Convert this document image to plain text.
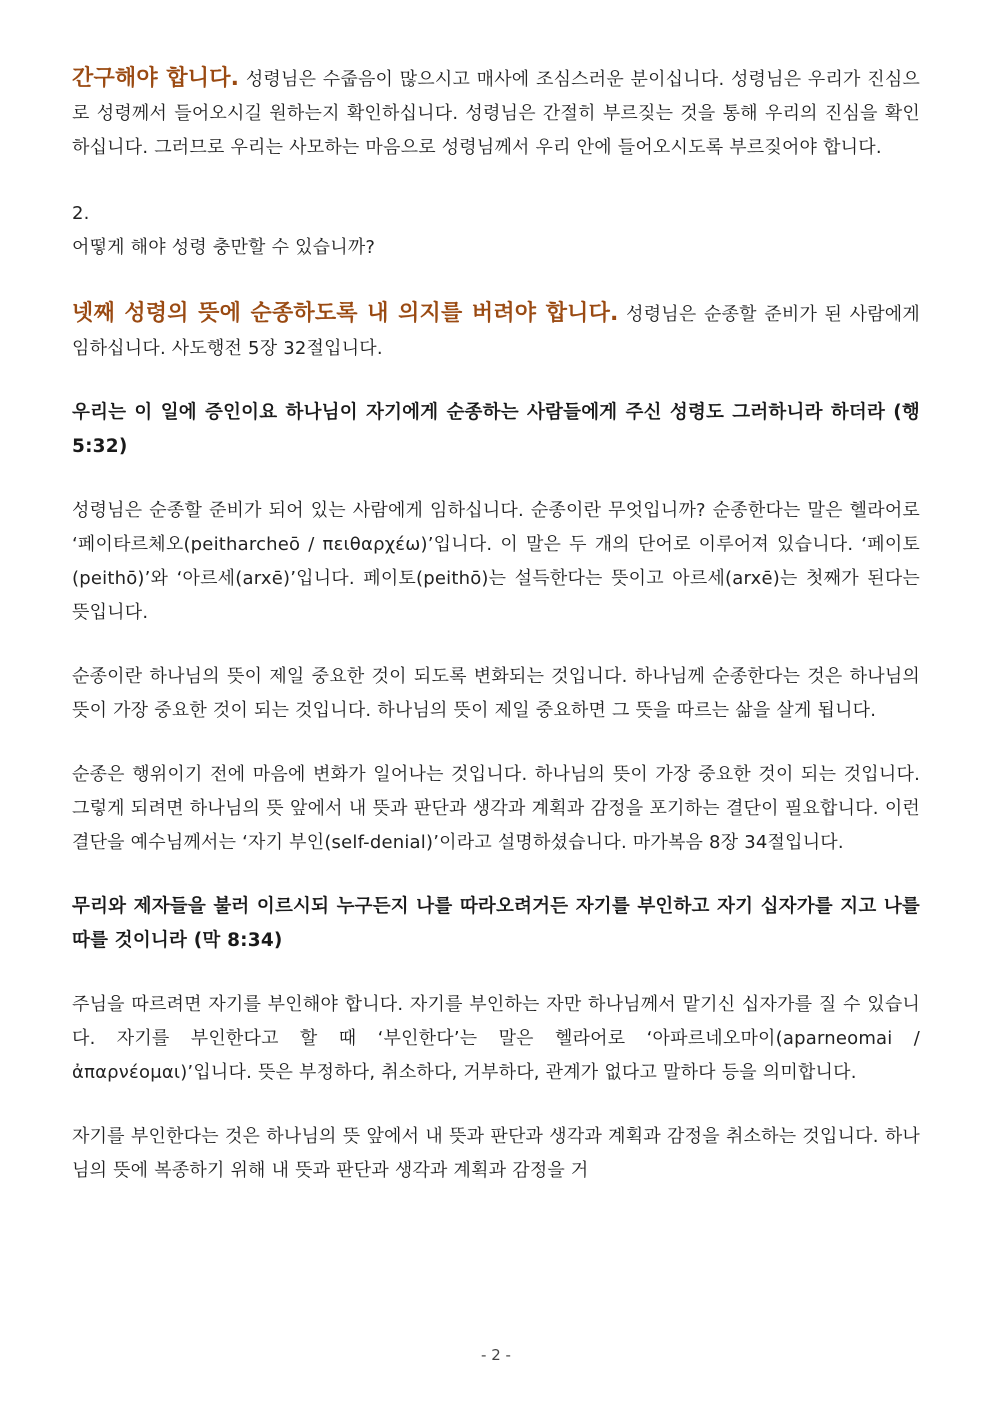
간구해야 합니다. 성령님은 수줍음이 많으시고 매사에 조심스러운 분이십니다. 성령님은 우리가 진심으로 성령께서 들어오시길 원하는지 확인하십니다. 성령님은 간절히 부르짖는 것을 통해 우리의 진심을 확인하십니다. 그러므로 우리는 사모하는 마음으로 성령님께서 우리 안에 들어오시도록 부르짖어야 합니다.

2.

어떻게 해야 성령 충만할 수 있습니까?

넷째 성령의 뜻에 순종하도록 내 의지를 버려야 합니다. 성령님은 순종할 준비가 된 사람에게 임하십니다. 사도행전 5장 32절입니다.

우리는 이 일에 증인이요 하나님이 자기에게 순종하는 사람들에게 주신 성령도 그러하니라 하더라 (행 5:32)

성령님은 순종할 준비가 되어 있는 사람에게 임하십니다. 순종이란 무엇입니까? 순종한다는 말은 헬라어로 ‘페이타르체오(peitharcheō / πειθαρχέω)’입니다. 이 말은 두 개의 단어로 이루어져 있습니다. ‘페이토(peithō)’와 ‘아르세(arxē)’입니다. 페이토(peithō)는 설득한다는 뜻이고 아르세(arxē)는 첫째가 된다는 뜻입니다.

순종이란 하나님의 뜻이 제일 중요한 것이 되도록 변화되는 것입니다. 하나님께 순종한다는 것은 하나님의 뜻이 가장 중요한 것이 되는 것입니다. 하나님의 뜻이 제일 중요하면 그 뜻을 따르는 삶을 살게 됩니다.

순종은 행위이기 전에 마음에 변화가 일어나는 것입니다. 하나님의 뜻이 가장 중요한 것이 되는 것입니다. 그렇게 되려면 하나님의 뜻 앞에서 내 뜻과 판단과 생각과 계획과 감정을 포기하는 결단이 필요합니다. 이런 결단을 예수님께서는 ‘자기 부인(self-denial)’이라고 설명하셨습니다. 마가복음 8장 34절입니다.

무리와 제자들을 불러 이르시되 누구든지 나를 따라오려거든 자기를 부인하고 자기 십자가를 지고 나를 따를 것이니라 (막 8:34)

주님을 따르려면 자기를 부인해야 합니다. 자기를 부인하는 자만 하나님께서 맡기신 십자가를 질 수 있습니다. 자기를 부인한다고 할 때 ‘부인한다’는 말은 헬라어로 ‘아파르네오마이(aparneomai / ἀπαρνέομαι)’입니다. 뜻은 부정하다, 취소하다, 거부하다, 관계가 없다고 말하다 등을 의미합니다.

자기를 부인한다는 것은 하나님의 뜻 앞에서 내 뜻과 판단과 생각과 계획과 감정을 취소하는 것입니다. 하나님의 뜻에 복종하기 위해 내 뜻과 판단과 생각과 계획과 감정을 거

- 2 -
